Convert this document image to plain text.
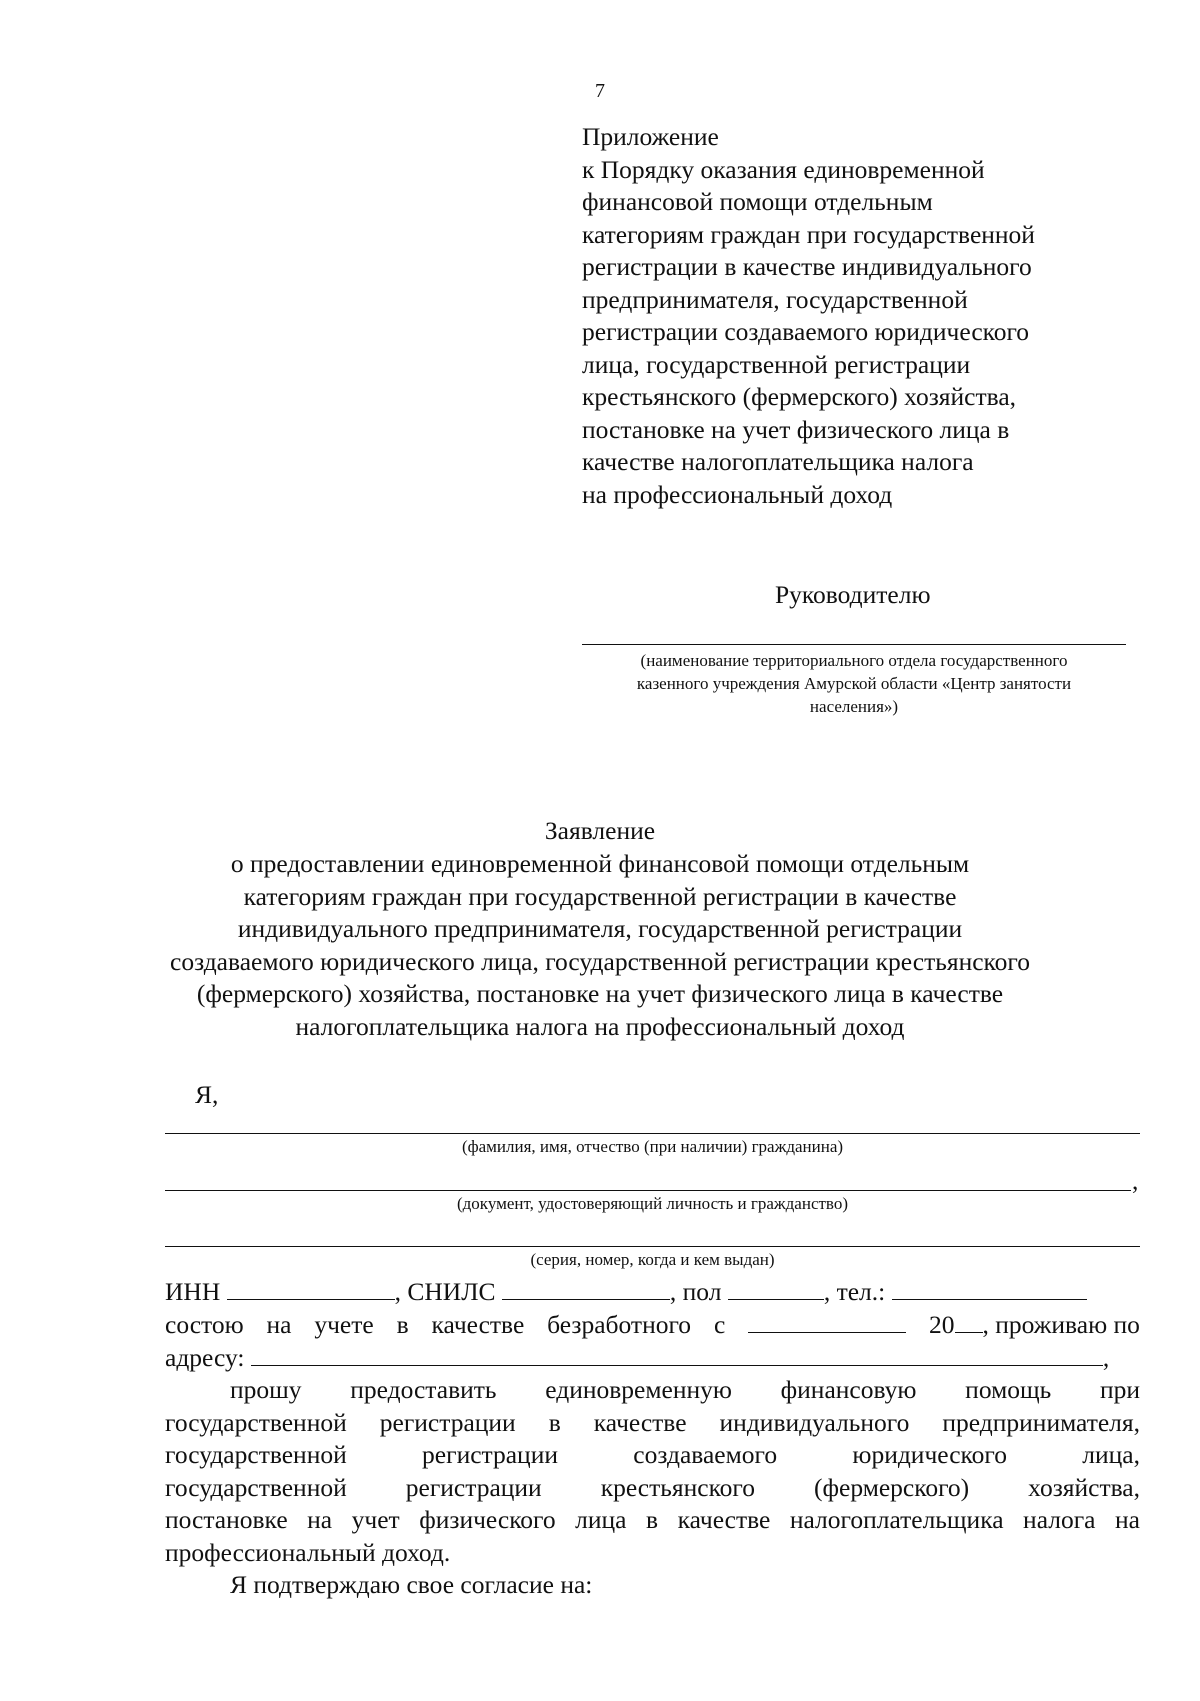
7
Приложение
к Порядку оказания единовременной
финансовой помощи отдельным
категориям граждан при государственной
регистрации в качестве индивидуального
предпринимателя, государственной
регистрации создаваемого юридического
лица, государственной регистрации
крестьянского (фермерского) хозяйства,
постановке на учет физического лица в
качестве налогоплательщика налога
на профессиональный доход
Руководителю
(наименование территориального отдела государственного
казенного учреждения Амурской области «Центр занятости
населения»)
Заявление
о предоставлении единовременной финансовой помощи отдельным
категориям граждан при государственной регистрации в качестве
индивидуального предпринимателя, государственной регистрации
создаваемого юридического лица, государственной регистрации крестьянского
(фермерского) хозяйства, постановке на учет физического лица в качестве
налогоплательщика налога на профессиональный доход
Я,
(фамилия, имя, отчество (при наличии) гражданина)
,
(документ, удостоверяющий личность и гражданство)
(серия, номер, когда и кем выдан)
ИНН	, СНИЛС	, пол	, тел.:
состою на учете в качестве безработного с	20 , проживаю по
адресу:	,
прошу предоставить единовременную финансовую помощь при
государственной регистрации в качестве индивидуального предпринимателя,
государственной регистрации создаваемого юридического лица,
государственной регистрации крестьянского (фермерского) хозяйства,
постановке на учет физического лица в качестве налогоплательщика налога на
профессиональный доход.
Я подтверждаю свое согласие на:
